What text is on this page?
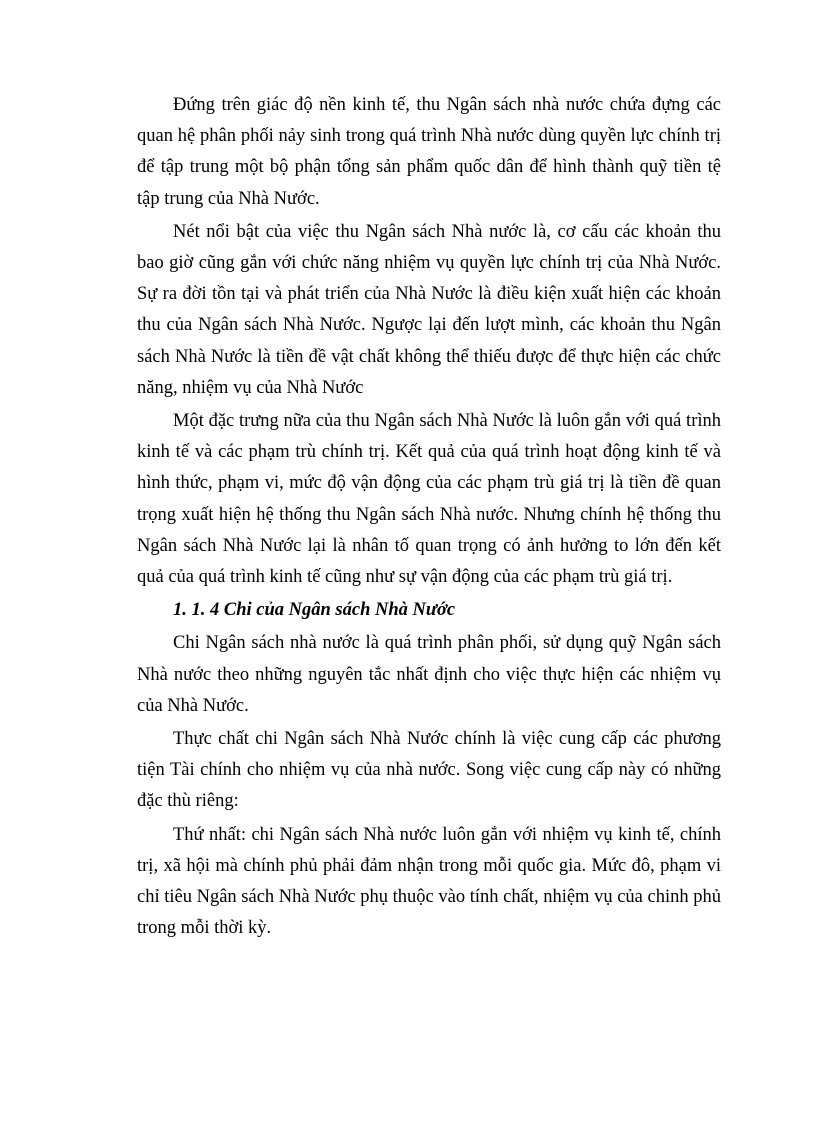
Đứng trên giác độ nền kinh tế, thu Ngân sách nhà nước chứa đựng các quan hệ phân phối nảy sinh trong quá trình Nhà nước dùng quyền lực chính trị để tập trung một bộ phận tổng sản phẩm quốc dân để hình thành quỹ tiền tệ tập trung của Nhà Nước.

Nét nổi bật của việc thu Ngân sách Nhà nước là, cơ cấu các khoản thu bao giờ cũng gắn với chức năng nhiệm vụ quyền lực chính trị của Nhà Nước. Sự ra đời tồn tại và phát triển của Nhà Nước là điều kiện xuất hiện các khoản thu của Ngân sách Nhà Nước. Ngược lại đến lượt mình, các khoản thu Ngân sách Nhà Nước là tiền đề vật chất không thể thiếu được để thực hiện các chức năng, nhiệm vụ của Nhà Nước

Một đặc trưng nữa của thu Ngân sách Nhà Nước là luôn gắn với quá trình kinh tế và các phạm trù chính trị. Kết quả của quá trình hoạt động kinh tế và hình thức, phạm vi, mức độ vận động của các phạm trù giá trị là tiền đề quan trọng xuất hiện hệ thống thu Ngân sách Nhà nước. Nhưng chính hệ thống thu Ngân sách Nhà Nước lại là nhân tố quan trọng có ảnh hưởng to lớn đến kết quả của quá trình kinh tế cũng như sự vận động của các phạm trù giá trị.

1. 1. 4 Chi của Ngân sách Nhà Nước

Chi Ngân sách nhà nước là quá trình phân phối, sử dụng quỹ Ngân sách Nhà nước theo những nguyên tắc nhất định cho việc thực hiện các nhiệm vụ của Nhà Nước.

Thực chất chi Ngân sách Nhà Nước chính là việc cung cấp các phương tiện Tài chính cho nhiệm vụ của nhà nước. Song việc cung cấp này có những đặc thù riêng:

Thứ nhất: chi Ngân sách Nhà nước luôn gắn với nhiệm vụ kinh tế, chính trị, xã hội mà chính phủ phải đảm nhận trong mỗi quốc gia. Mức đô, phạm vi chỉ tiêu Ngân sách Nhà Nước phụ thuộc vào tính chất, nhiệm vụ của chinh phủ trong mỗi thời kỳ.
